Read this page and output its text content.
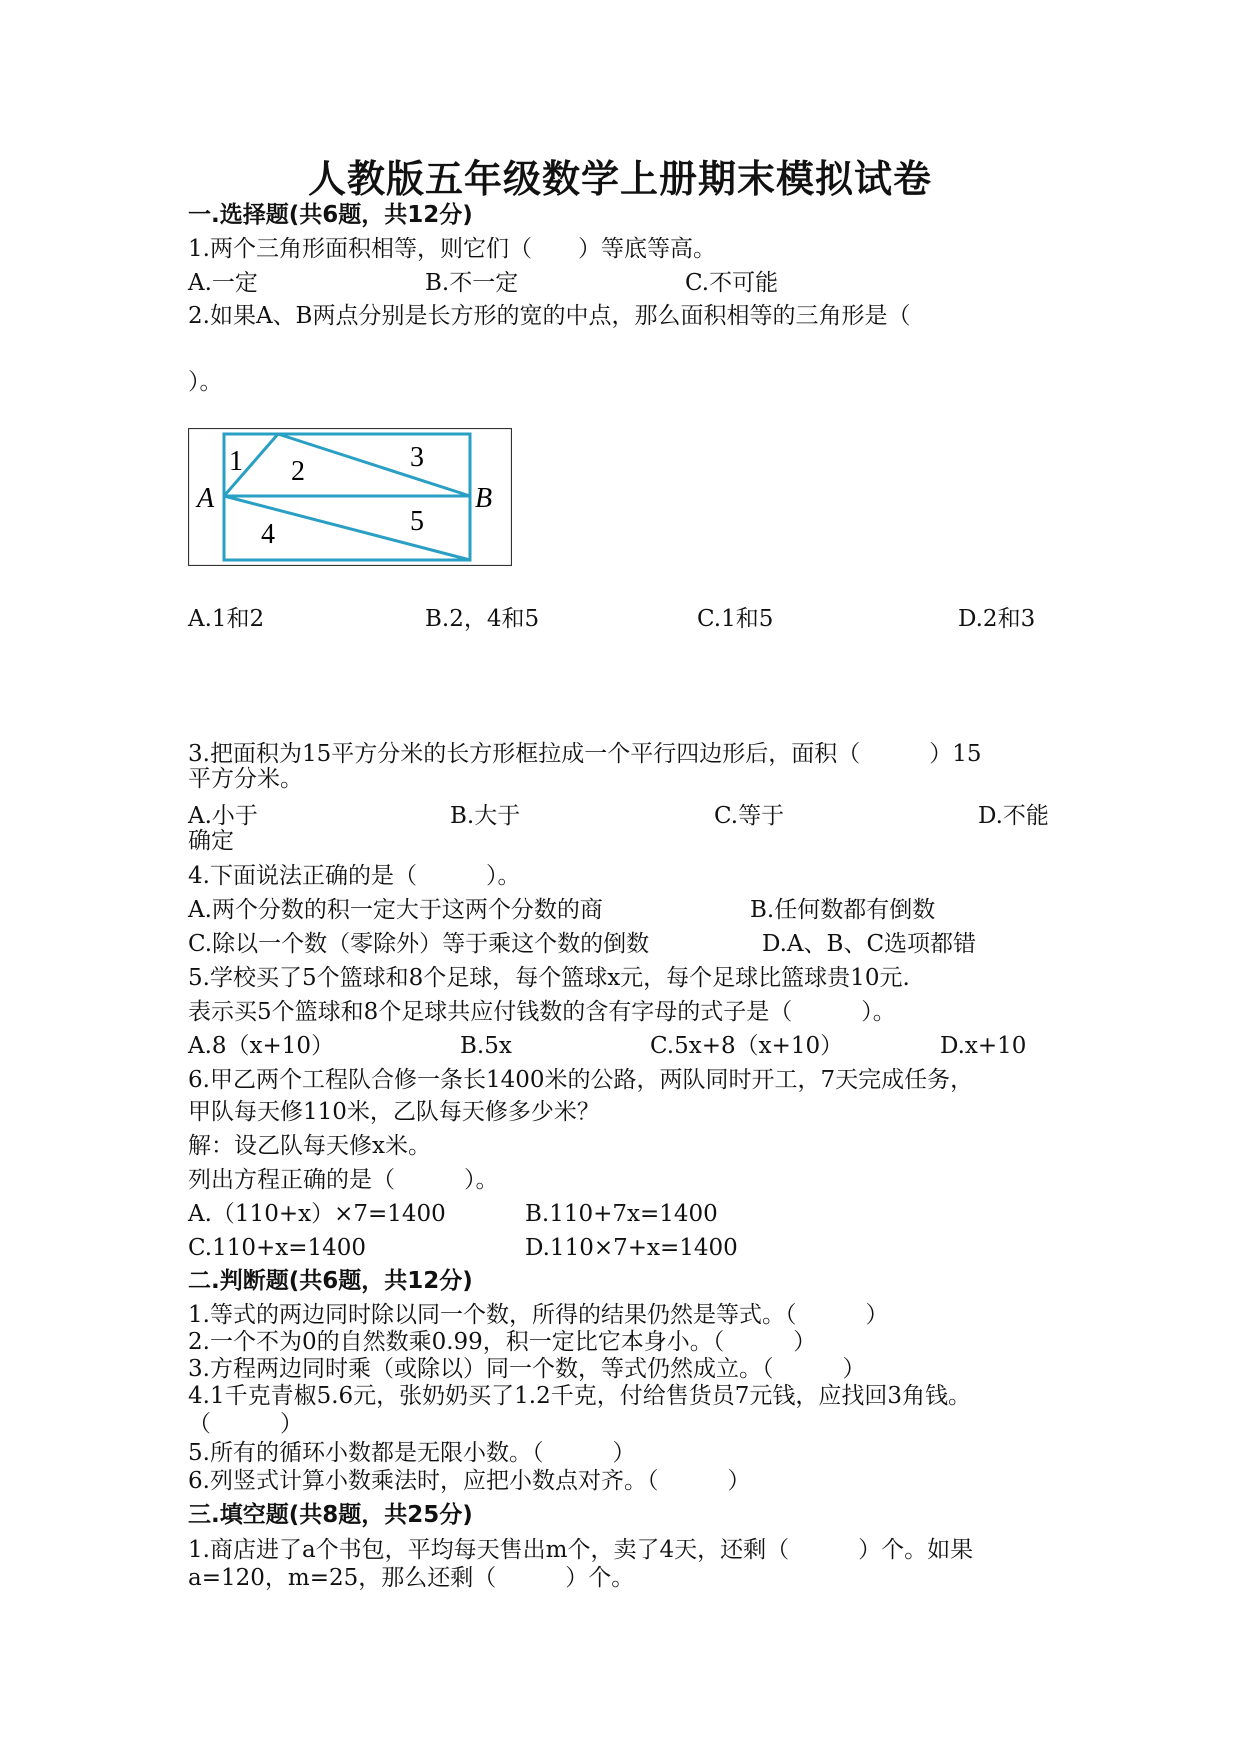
人教版五年级数学上册期末模拟试卷
一.选择题(共6题，共12分)
1.两个三角形面积相等，则它们（　　）等底等高。
A.一定	B.不一定	C.不可能
2.如果A、B两点分别是长方形的宽的中点，那么面积相等的三角形是（
）。
A	B
1 2	3
4	5
A.1和2	B.2，4和5	C.1和5	D.2和3
3.把面积为15平方分米的长方形框拉成一个平行四边形后，面积（　　　）15
平方分米。
A.小于	B.大于	C.等于	D.不能
确定
4.下面说法正确的是（　　　）。
A.两个分数的积一定大于这两个分数的商	B.任何数都有倒数
C.除以一个数（零除外）等于乘这个数的倒数	D.A、B、C选项都错
5.学校买了5个篮球和8个足球，每个篮球x元，每个足球比篮球贵10元.
表示买5个篮球和8个足球共应付钱数的含有字母的式子是（　　　）。
A.8（x+10）	B.5x	C.5x+8（x+10）	D.x+10
6.甲乙两个工程队合修一条长1400米的公路，两队同时开工，7天完成任务，
甲队每天修110米，乙队每天修多少米？
解：设乙队每天修x米。
列出方程正确的是（　　　）。
A.（110+x）×7=1400	B.110+7x=1400
C.110+x=1400	D.110×7+x=1400
二.判断题(共6题，共12分)
1.等式的两边同时除以同一个数，所得的结果仍然是等式。（　　　）
2.一个不为0的自然数乘0.99，积一定比它本身小。（　　　）
3.方程两边同时乘（或除以）同一个数，等式仍然成立。（　　　）
4.1千克青椒5.6元，张奶奶买了1.2千克，付给售货员7元钱，应找回3角钱。
（　　　）
5.所有的循环小数都是无限小数。（　　　）
6.列竖式计算小数乘法时，应把小数点对齐。（　　　）
三.填空题(共8题，共25分)
1.商店进了a个书包，平均每天售出m个，卖了4天，还剩（　　　）个。如果
a=120，m=25，那么还剩（　　　）个。
